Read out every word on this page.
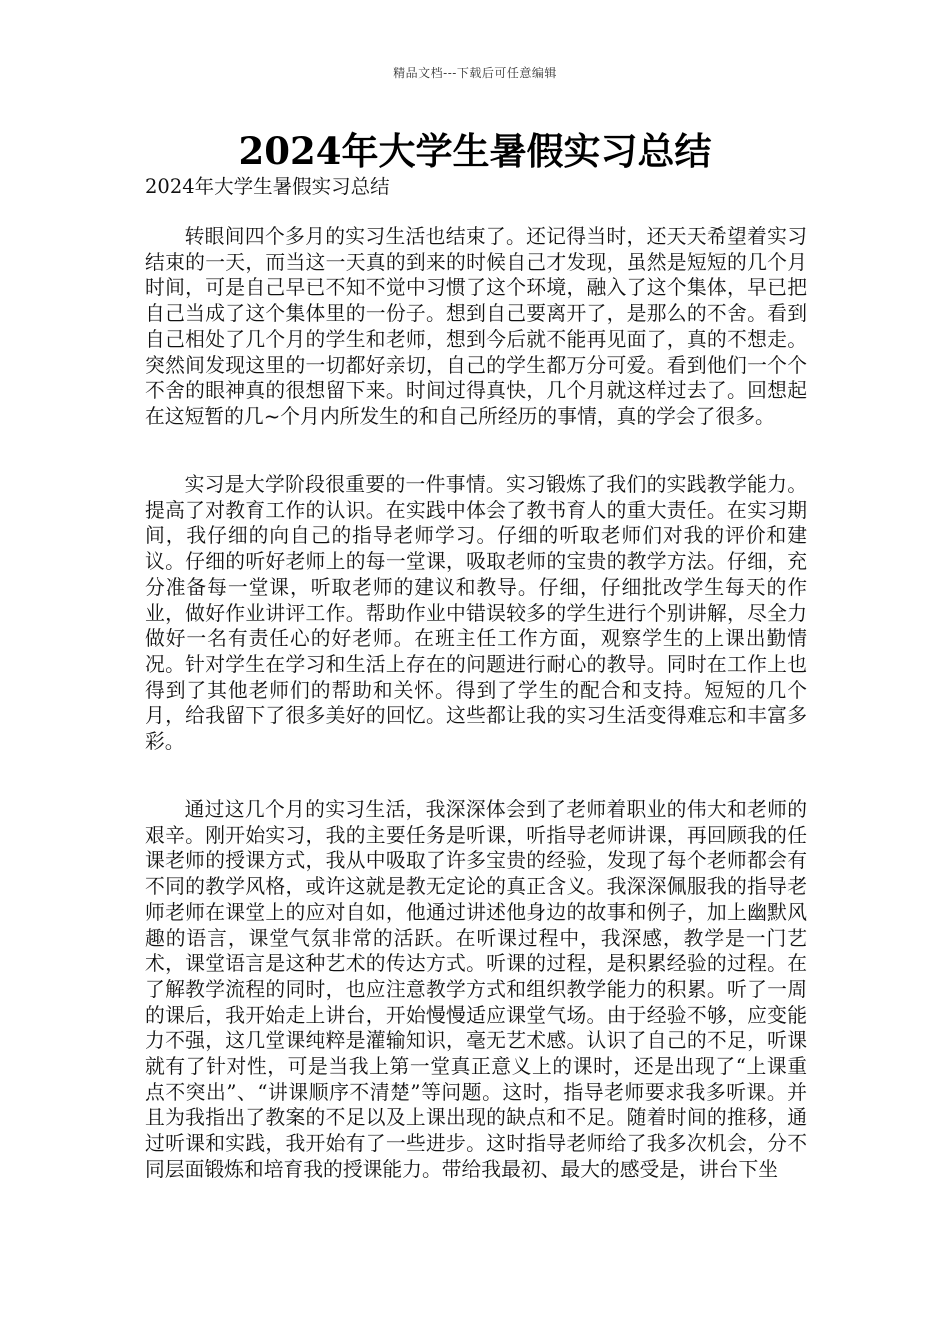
精品文档---下载后可任意编辑
2024年大学生暑假实习总结
2024年大学生暑假实习总结

转眼间四个多月的实习生活也结束了。还记得当时，还天天希望着实习结束的一天，而当这一天真的到来的时候自己才发现，虽然是短短的几个月时间，可是自己早已不知不觉中习惯了这个环境，融入了这个集体，早已把自己当成了这个集体里的一份子。想到自己要离开了，是那么的不舍。看到自己相处了几个月的学生和老师，想到今后就不能再见面了，真的不想走。突然间发现这里的一切都好亲切，自己的学生都万分可爱。看到他们一个个不舍的眼神真的很想留下来。时间过得真快，几个月就这样过去了。回想起在这短暂的几~个月内所发生的和自己所经历的事情，真的学会了很多。

实习是大学阶段很重要的一件事情。实习锻炼了我们的实践教学能力。提高了对教育工作的认识。在实践中体会了教书育人的重大责任。在实习期间，我仔细的向自己的指导老师学习。仔细的听取老师们对我的评价和建议。仔细的听好老师上的每一堂课，吸取老师的宝贵的教学方法。仔细，充分准备每一堂课，听取老师的建议和教导。仔细，仔细批改学生每天的作业，做好作业讲评工作。帮助作业中错误较多的学生进行个别讲解，尽全力做好一名有责任心的好老师。在班主任工作方面，观察学生的上课出勤情况。针对学生在学习和生活上存在的问题进行耐心的教导。同时在工作上也得到了其他老师们的帮助和关怀。得到了学生的配合和支持。短短的几个月，给我留下了很多美好的回忆。这些都让我的实习生活变得难忘和丰富多彩。

通过这几个月的实习生活，我深深体会到了老师着职业的伟大和老师的艰辛。刚开始实习，我的主要任务是听课，听指导老师讲课，再回顾我的任课老师的授课方式，我从中吸取了许多宝贵的经验，发现了每个老师都会有不同的教学风格，或许这就是教无定论的真正含义。我深深佩服我的指导老师老师在课堂上的应对自如，他通过讲述他身边的故事和例子，加上幽默风趣的语言，课堂气氛非常的活跃。在听课过程中，我深感，教学是一门艺术，课堂语言是这种艺术的传达方式。听课的过程，是积累经验的过程。在了解教学流程的同时，也应注意教学方式和组织教学能力的积累。听了一周的课后，我开始走上讲台，开始慢慢适应课堂气场。由于经验不够，应变能力不强，这几堂课纯粹是灌输知识，毫无艺术感。认识了自己的不足，听课就有了针对性，可是当我上第一堂真正意义上的课时，还是出现了“上课重点不突出”、“讲课顺序不清楚”等问题。这时，指导老师要求我多听课。并且为我指出了教案的不足以及上课出现的缺点和不足。随着时间的推移，通过听课和实践，我开始有了一些进步。这时指导老师给了我多次机会，分不同层面锻炼和培育我的授课能力。带给我最初、最大的感受是，讲台下坐
